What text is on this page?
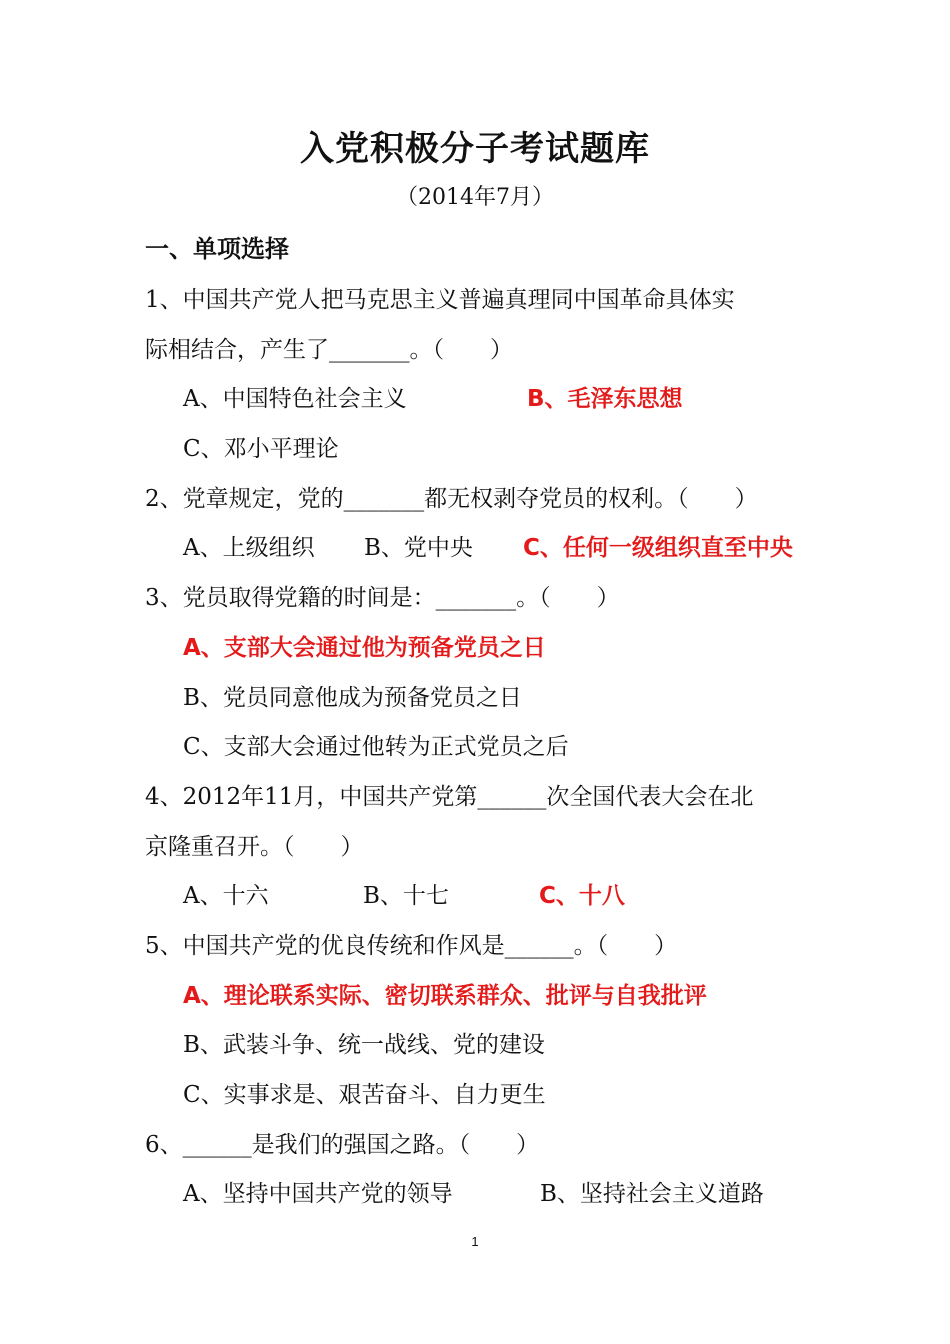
入党积极分子考试题库
（2014年7月）
一、单项选择
1、中国共产党人把马克思主义普遍真理同中国革命具体实
际相结合，产生了_______。（　　）
A、中国特色社会主义	B、毛泽东思想
C、邓小平理论
2、党章规定，党的_______都无权剥夺党员的权利。（　　）
A、上级组织 B、党中央 C、任何一级组织直至中央
3、党员取得党籍的时间是：_______。（　　）
A、支部大会通过他为预备党员之日
B、党员同意他成为预备党员之日
C、支部大会通过他转为正式党员之后
4、2012年11月，中国共产党第______次全国代表大会在北
京隆重召开。（　　）
A、十六	B、十七	C、十八
5、中国共产党的优良传统和作风是______。（　　）
A、理论联系实际、密切联系群众、批评与自我批评
B、武装斗争、统一战线、党的建设
C、实事求是、艰苦奋斗、自力更生
6、______是我们的强国之路。（　　）
A、坚持中国共产党的领导	B、坚持社会主义道路
1
